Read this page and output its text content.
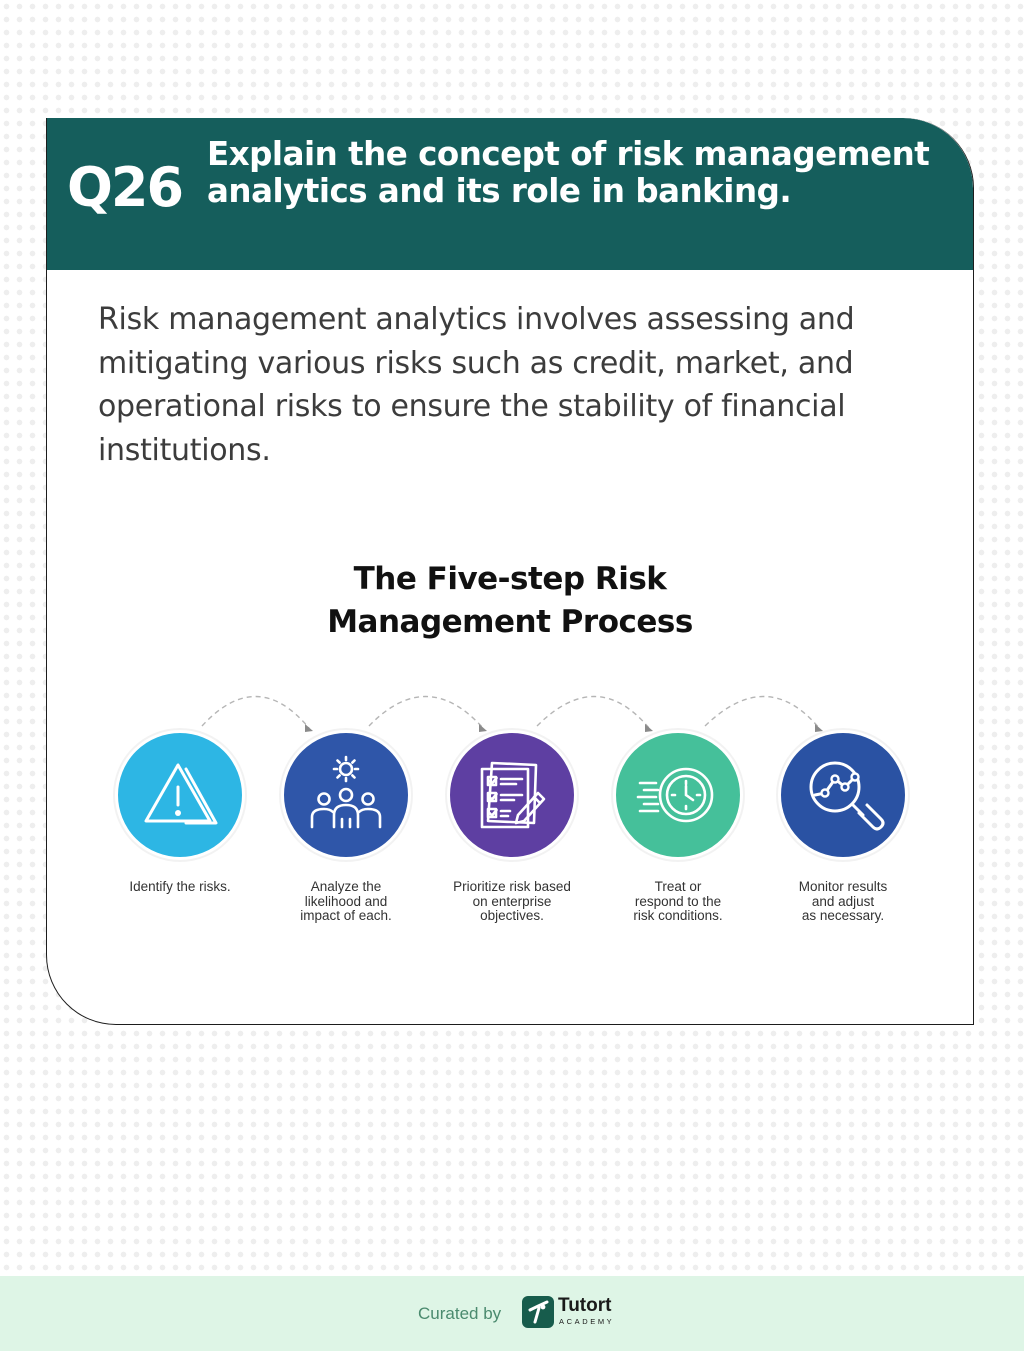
Q26
Explain the concept of risk management analytics and its role in banking.
Risk management analytics involves assessing and mitigating various risks such as credit, market, and operational risks to ensure the stability of financial institutions.
The Five-step Risk
Management Process
Identify the risks.	Analyze the
likelihood and
impact of each.
Prioritize risk based
on enterprise
objectives.
Treat or
respond to the
risk conditions.
Monitor results
and adjust
as necessary.
Curated by	Tutort
ACADEMY
